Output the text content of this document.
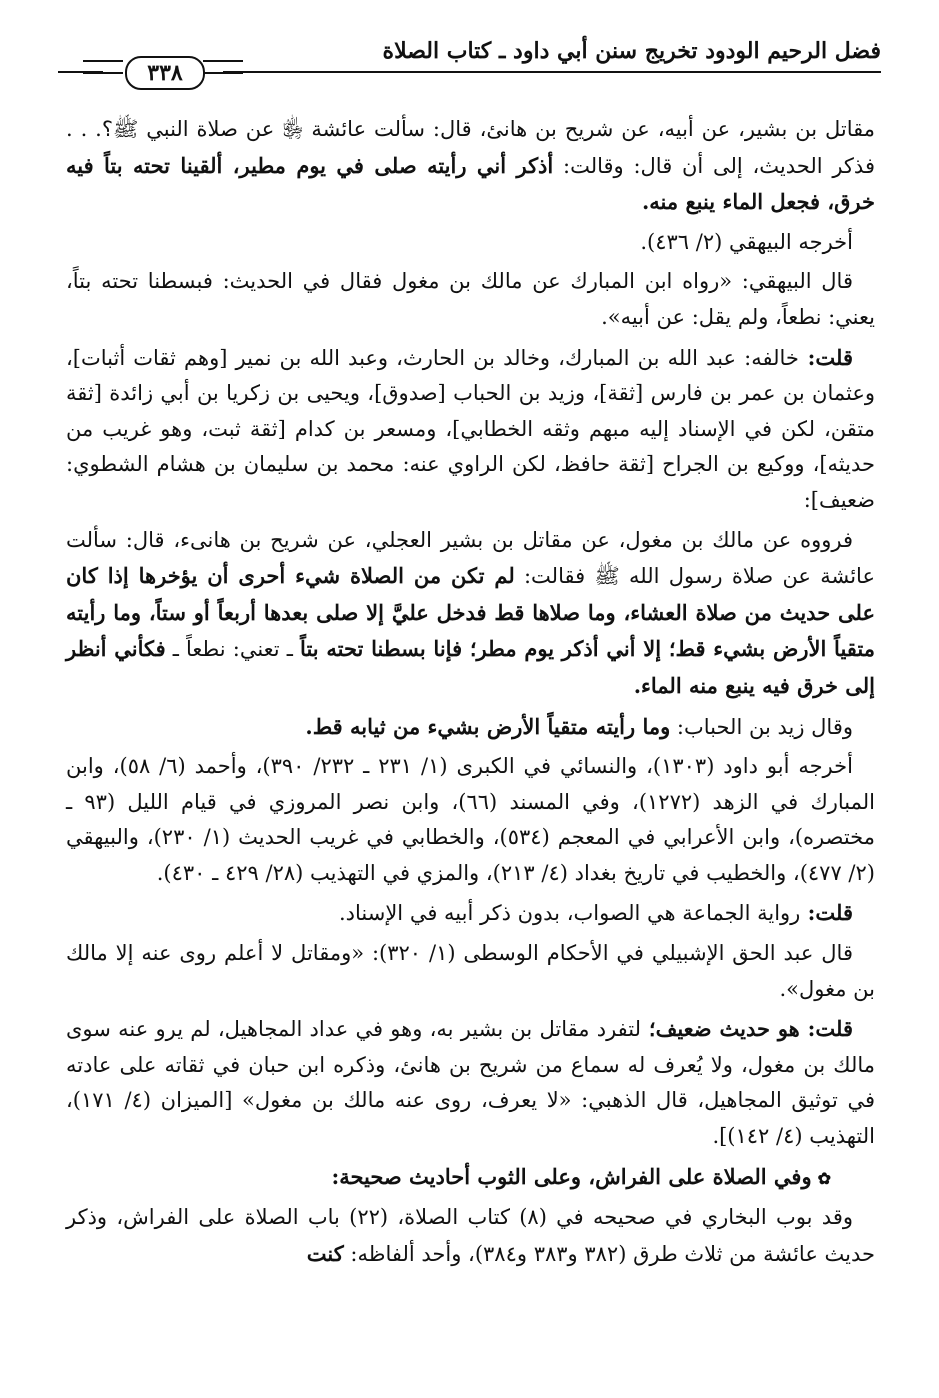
فضل الرحيم الودود تخريج سنن أبي داود ـ كتاب الصلاة
٣٣٨

مقاتل بن بشير، عن أبيه، عن شريح بن هانئ، قال: سألت عائشة ﵂ عن صلاة النبي ﷺ؟. . . فذكر الحديث، إلى أن قال: وقالت: أذكر أني رأيته صلى في يوم مطير، ألقينا تحته بتاً فيه خرق، فجعل الماء ينبع منه.

أخرجه البيهقي (٢/ ٤٣٦).

قال البيهقي: «رواه ابن المبارك عن مالك بن مغول فقال في الحديث: فبسطنا تحته بتاً، يعني: نطعاً، ولم يقل: عن أبيه».

قلت: خالفه: عبد الله بن المبارك، وخالد بن الحارث، وعبد الله بن نمير [وهم ثقات أثبات]، وعثمان بن عمر بن فارس [ثقة]، وزيد بن الحباب [صدوق]، ويحيى بن زكريا بن أبي زائدة [ثقة متقن، لكن في الإسناد إليه مبهم وثقه الخطابي]، ومسعر بن كدام [ثقة ثبت، وهو غريب من حديثه]، ووكيع بن الجراح [ثقة حافظ، لكن الراوي عنه: محمد بن سليمان بن هشام الشطوي: ضعيف]:

فرووه عن مالك بن مغول، عن مقاتل بن بشير العجلي، عن شريح بن هانىء، قال: سألت عائشة عن صلاة رسول الله ﷺ فقالت: لم تكن من الصلاة شيء أحرى أن يؤخرها إذا كان على حديث من صلاة العشاء، وما صلاها قط فدخل عليَّ إلا صلى بعدها أربعاً أو ستاً، وما رأيته متقياً الأرض بشيء قط؛ إلا أني أذكر يوم مطر؛ فإنا بسطنا تحته بتاً ـ تعني: نطعاً ـ فكأني أنظر إلى خرق فيه ينبع منه الماء.

وقال زيد بن الحباب: وما رأيته متقياً الأرض بشيء من ثيابه قط.

أخرجه أبو داود (١٣٠٣)، والنسائي في الكبرى (١/ ٢٣١ ـ ٢٣٢/ ٣٩٠)، وأحمد (٦/ ٥٨)، وابن المبارك في الزهد (١٢٧٢)، وفي المسند (٦٦)، وابن نصر المروزي في قيام الليل (٩٣ ـ مختصره)، وابن الأعرابي في المعجم (٥٣٤)، والخطابي في غريب الحديث (١/ ٢٣٠)، والبيهقي (٢/ ٤٧٧)، والخطيب في تاريخ بغداد (٤/ ٢١٣)، والمزي في التهذيب (٢٨/ ٤٢٩ ـ ٤٣٠).

قلت: رواية الجماعة هي الصواب، بدون ذكر أبيه في الإسناد.

قال عبد الحق الإشبيلي في الأحكام الوسطى (١/ ٣٢٠): «ومقاتل لا أعلم روى عنه إلا مالك بن مغول».

قلت: هو حديث ضعيف؛ لتفرد مقاتل بن بشير به، وهو في عداد المجاهيل، لم يرو عنه سوى مالك بن مغول، ولا يُعرف له سماع من شريح بن هانئ، وذكره ابن حبان في ثقاته على عادته في توثيق المجاهيل، قال الذهبي: «لا يعرف، روى عنه مالك بن مغول» [الميزان (٤/ ١٧١)، التهذيب (٤/ ١٤٢)].

✿وفي الصلاة على الفراش، وعلى الثوب أحاديث صحيحة:

وقد بوب البخاري في صحيحه في (٨) كتاب الصلاة، (٢٢) باب الصلاة على الفراش، وذكر حديث عائشة من ثلاث طرق (٣٨٢ و٣٨٣ و٣٨٤)، وأحد ألفاظه: كنت
